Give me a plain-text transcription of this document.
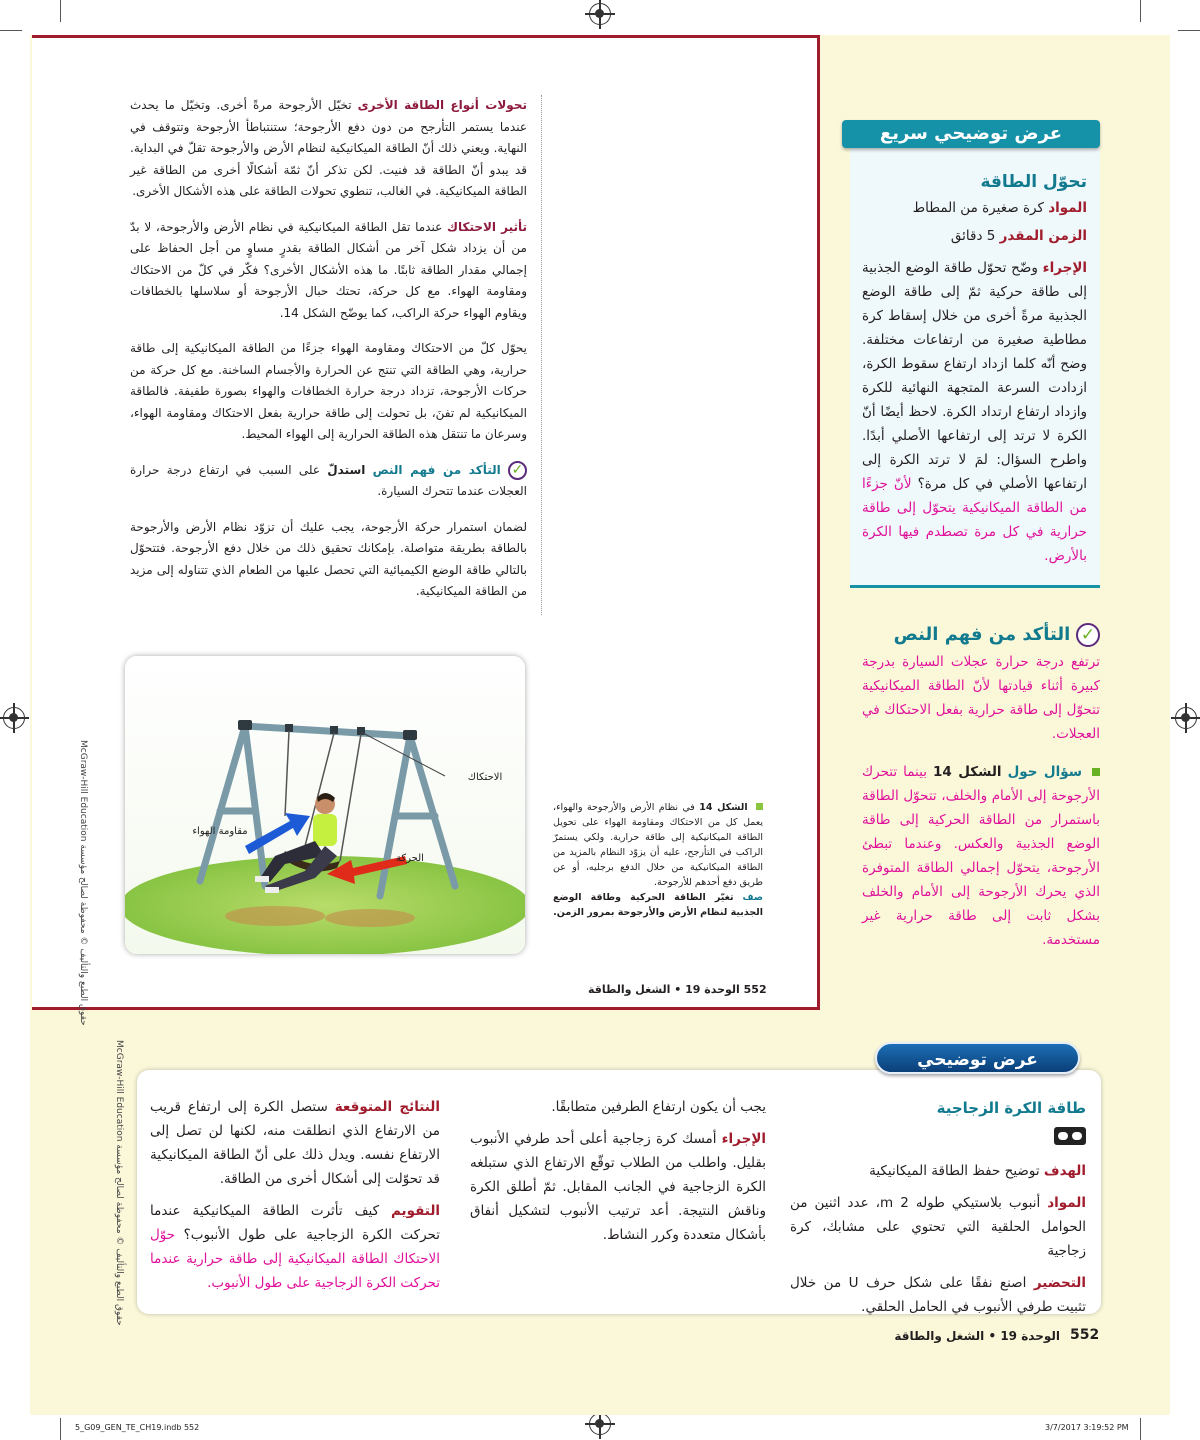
تحولات أنواع الطاقة الأخرى تخيّل الأرجوحة مرةً أخرى. وتخيّل ما يحدث عندما يستمر التأرجح من دون دفع الأرجوحة؛ ستنتباطأ الأرجوحة وتتوقف في النهاية. ويعني ذلك أنّ الطاقة الميكانيكية لنظام الأرض والأرجوحة تقلّ في البداية. قد يبدو أنّ الطاقة قد فنيت. لكن تذكر أنّ ثمّة أشكالًا أخرى من الطاقة غير الطاقة الميكانيكية. في الغالب، تنطوي تحولات الطاقة على هذه الأشكال الأخرى.

تأثير الاحتكاك عندما تقل الطاقة الميكانيكية في نظام الأرض والأرجوحة، لا بدّ من أن يزداد شكل آخر من أشكال الطاقة بقدرٍ مساوٍ من أجل الحفاظ على إجمالي مقدار الطاقة ثابتًا. ما هذه الأشكال الأخرى؟ فكّر في كلّ من الاحتكاك ومقاومة الهواء. مع كل حركة، تحتك حبال الأرجوحة أو سلاسلها بالخطافات ويقاوم الهواء حركة الراكب، كما يوضّح الشكل 14.

يحوّل كلّ من الاحتكاك ومقاومة الهواء جزءًا من الطاقة الميكانيكية إلى طاقة حرارية، وهي الطاقة التي تنتج عن الحرارة والأجسام الساخنة. مع كل حركة من حركات الأرجوحة، تزداد درجة حرارة الخطافات والهواء بصورة طفيفة. فالطاقة الميكانيكية لم تفنَ، بل تحولت إلى طاقة حرارية بفعل الاحتكاك ومقاومة الهواء، وسرعان ما تنتقل هذه الطاقة الحرارية إلى الهواء المحيط.

✓ التأكد من فهم النص استدلّ على السبب في ارتفاع درجة حرارة العجلات عندما تتحرك السيارة.

لضمان استمرار حركة الأرجوحة، يجب عليك أن تزوّد نظام الأرض والأرجوحة بالطاقة بطريقة متواصلة. بإمكانك تحقيق ذلك من خلال دفع الأرجوحة. فتتحوّل بالتالي طاقة الوضع الكيميائية التي تحصل عليها من الطعام الذي تتناوله إلى مزيد من الطاقة الميكانيكية.

الاحتكاك
مقاومة الهواء
الحركة
الشكل 14 في نظام الأرض والأرجوحة والهواء، يعمل كل من الاحتكاك ومقاومة الهواء على تحويل الطاقة الميكانيكية إلى طاقة حرارية. ولكي يستمرّ الراكب في التأرجح، عليه أن يزوّد النظام بالمزيد من الطاقة الميكانيكية من خلال الدفع برجليه، أو عن طريق دفع أحدهم للأرجوحة.
صف تغيّر الطاقة الحركية وطاقة الوضع الجذبية لنظام الأرض والأرجوحة بمرور الزمن.
552 الوحدة 19 • الشغل والطاقة
حقوق الطبع والتأليف © محفوظة لصالح مؤسسة McGraw-Hill Education
عرض توضيحي سريع
تحوّل الطاقة
المواد كرة صغيرة من المطاط
الزمن المقدر 5 دقائق
الإجراء وضّح تحوّل طاقة الوضع الجذبية إلى طاقة حركية ثمّ إلى طاقة الوضع الجذبية مرةً أخرى من خلال إسقاط كرة مطاطية صغيرة من ارتفاعات مختلفة. وضح أنّه كلما ازداد ارتفاع سقوط الكرة، ازدادت السرعة المتجهة النهائية للكرة وازداد ارتفاع ارتداد الكرة. لاحظ أيضًا أنّ الكرة لا ترتد إلى ارتفاعها الأصلي أبدًا. واطرح السؤال: لمَ لا ترتد الكرة إلى ارتفاعها الأصلي في كل مرة؟ لأنّ جزءًا من الطاقة الميكانيكية يتحوّل إلى طاقة حرارية في كل مرة تصطدم فيها الكرة بالأرض.
✓ التأكد من فهم النص
ترتفع درجة حرارة عجلات السيارة بدرجة كبيرة أثناء قيادتها لأنّ الطاقة الميكانيكية تتحوّل إلى طاقة حرارية بفعل الاحتكاك في العجلات.
سؤال حول الشكل 14 بينما تتحرك الأرجوحة إلى الأمام والخلف، تتحوّل الطاقة باستمرار من الطاقة الحركية إلى طاقة الوضع الجذبية والعكس. وعندما تبطئ الأرجوحة، يتحوّل إجمالي الطاقة المتوفرة الذي يحرك الأرجوحة إلى الأمام والخلف بشكل ثابت إلى طاقة حرارية غير مستخدمة.
عرض توضيحي
طاقة الكرة الزجاجية
الهدف توضيح حفظ الطاقة الميكانيكية
المواد أنبوب بلاستيكي طوله 2 m، عدد اثنين من الحوامل الحلقية التي تحتوي على مشابك، كرة زجاجية
التحضير اصنع نفقًا على شكل حرف U من خلال تثبيت طرفي الأنبوب في الحامل الحلقي.
يجب أن يكون ارتفاع الطرفين متطابقًا.
الإجراء أمسك كرة زجاجية أعلى أحد طرفي الأنبوب بقليل. واطلب من الطلاب توقّع الارتفاع الذي ستبلغه الكرة الزجاجية في الجانب المقابل. ثمّ أطلق الكرة وناقش النتيجة. أعد ترتيب الأنبوب لتشكيل أنفاق بأشكال متعددة وكرر النشاط.
النتائج المتوقعة ستصل الكرة إلى ارتفاع قريب من الارتفاع الذي انطلقت منه، لكنها لن تصل إلى الارتفاع نفسه. ويدل ذلك على أنّ الطاقة الميكانيكية قد تحوّلت إلى أشكال أخرى من الطاقة.
التقويم كيف تأثرت الطاقة الميكانيكية عندما تحركت الكرة الزجاجية على طول الأنبوب؟ حوّل الاحتكاك الطاقة الميكانيكية إلى طاقة حرارية عندما تحركت الكرة الزجاجية على طول الأنبوب.
552
الوحدة 19 • الشغل والطاقة
حقوق الطبع والتأليف © محفوظة لصالح مؤسسة McGraw-Hill Education
5_G09_GEN_TE_CH19.indb 552	3/7/2017 3:19:52 PM
